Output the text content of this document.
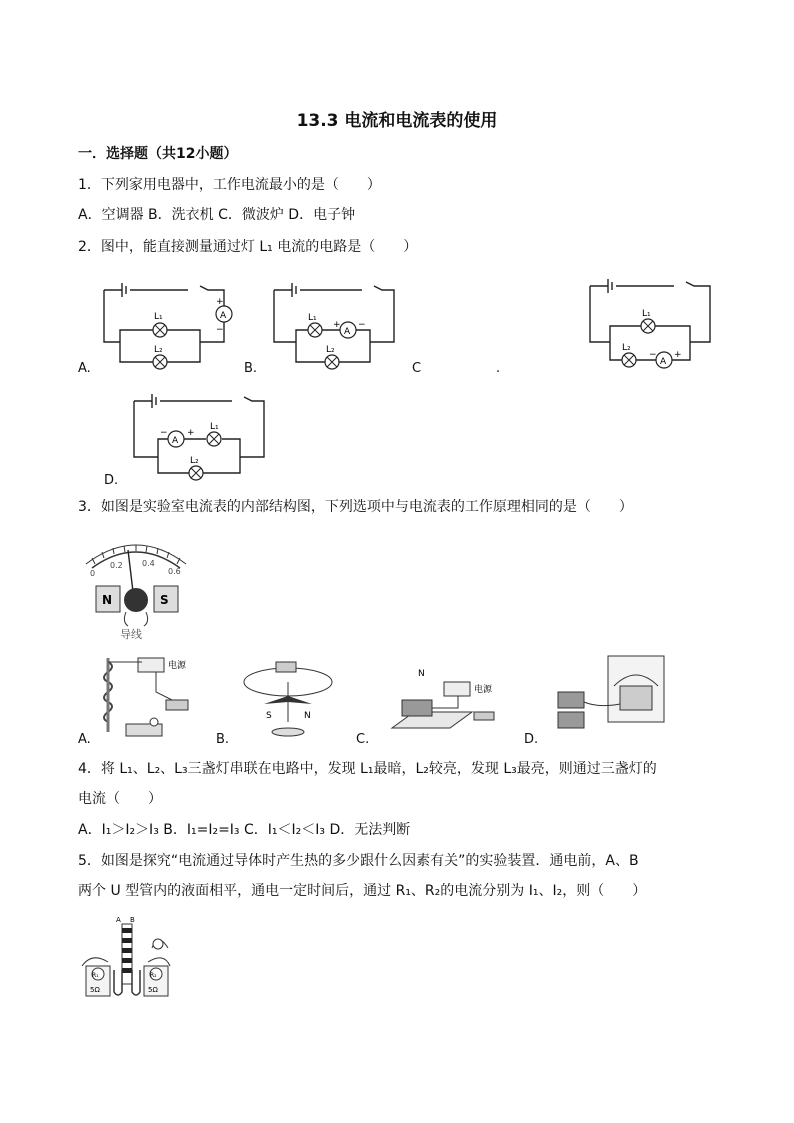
13.3 电流和电流表的使用
一．选择题（共12小题）
1．下列家用电器中，工作电流最小的是（　　）
A．空调器 B．洗衣机 C．微波炉 D．电子钟
2．图中，能直接测量通过灯 L₁ 电流的电路是（　　）
A
+
−
L₁
L₂
A.
A
+ −
L₁
L₂
B.	C	.	A
− +
L₁
L₂
A
− +
L₁
L₂
D.
3．如图是实验室电流表的内部结构图，下列选项中与电流表的工作原理相同的是（　　）
0
0.2 0.4
0.6
N	S
导线
电源
S	N
N
电源
A.	B.	C.	D.
4．将 L₁、L₂、L₃三盏灯串联在电路中，发现 L₁最暗，L₂较亮，发现 L₃最亮，则通过三盏灯的
电流（　　）
A．I₁＞I₂＞I₃ B．I₁=I₂=I₃ C．I₁＜I₂＜I₃ D．无法判断
5．如图是探究“电流通过导体时产生热的多少跟什么因素有关”的实验装置．通电前，A、B
两个 U 型管内的液面相平，通电一定时间后，通过 R₁、R₂的电流分别为 I₁、I₂，则（　　）
A B
R₁	R₂
5Ω	5Ω
